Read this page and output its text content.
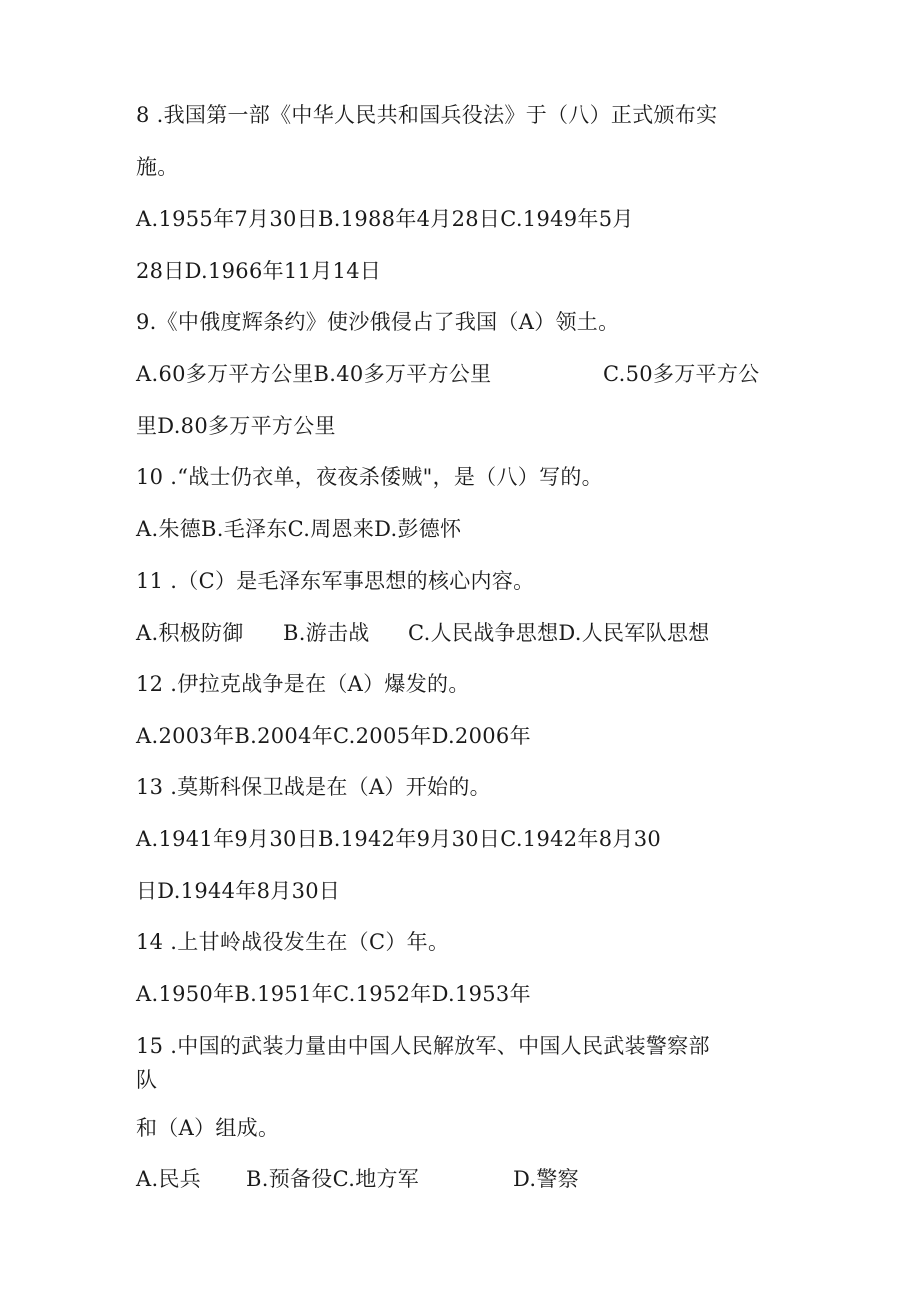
8 .我国第一部《中华人民共和国兵役法》于（八）正式颁布实
施。
A.1955年7月30日B.1988年4月28日C.1949年5月
28日D.1966年11月14日
9.《中俄度辉条约》使沙俄侵占了我国（A）领土。

A.60多万平方公里B.40多万平方公里

	C.50多万平方公

里D.80多万平方公里
10 .“战士仍衣单，夜夜杀倭贼"，是（八）写的。
A.朱德B.毛泽东C.周恩来D.彭德怀
11 .（C）是毛泽东军事思想的核心内容。

A.积极防御

B.游击战

C.人民战争思想D.人民军队思想

12 .伊拉克战争是在（A）爆发的。
A.2003年B.2004年C.2005年D.2006年
13 .莫斯科保卫战是在（A）开始的。
A.1941年9月30日B.1942年9月30日C.1942年8月30
日D.1944年8月30日
14 .上甘岭战役发生在（C）年。
A.1950年B.1951年C.1952年D.1953年
15 .中国的武装力量由中国人民解放军、中国人民武装警察部
队
和（A）组成。

A.民兵

B.预备役C.地方军

	D.警察
